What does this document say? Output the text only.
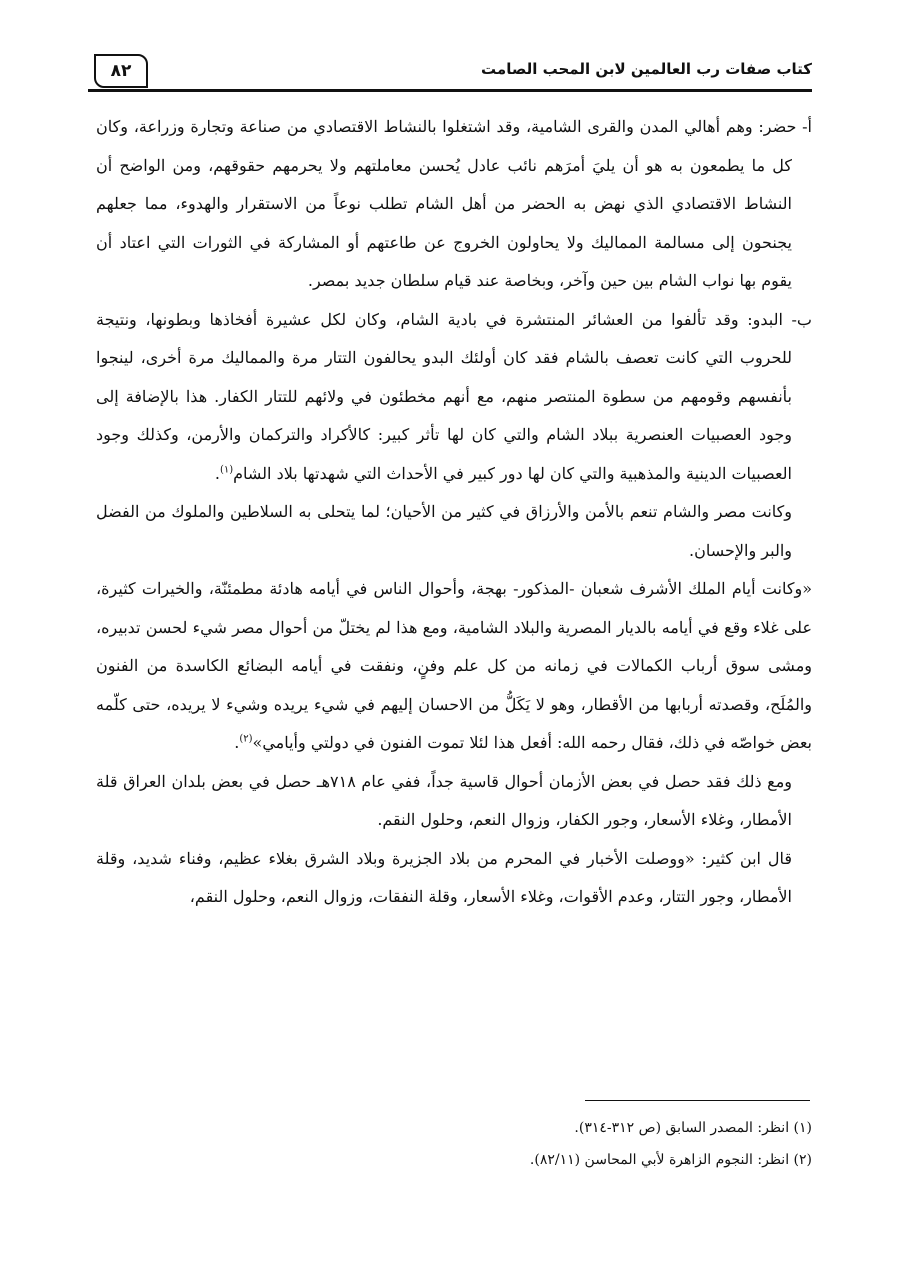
٨٢	كتاب صفات رب العالمين لابن المحب الصامت

أ- حضر: وهم أهالي المدن والقرى الشامية، وقد اشتغلوا بالنشاط الاقتصادي من صناعة وتجارة وزراعة، وكان كل ما يطمعون به هو أن يليَ أمرَهم نائب عادل يُحسن معاملتهم ولا يحرمهم حقوقهم، ومن الواضح أن النشاط الاقتصادي الذي نهض به الحضر من أهل الشام تطلب نوعاً من الاستقرار والهدوء، مما جعلهم يجنحون إلى مسالمة المماليك ولا يحاولون الخروج عن طاعتهم أو المشاركة في الثورات التي اعتاد أن يقوم بها نواب الشام بين حين وآخر، وبخاصة عند قيام سلطان جديد بمصر.

ب- البدو: وقد تألفوا من العشائر المنتشرة في بادية الشام، وكان لكل عشيرة أفخاذها وبطونها، ونتيجة للحروب التي كانت تعصف بالشام فقد كان أولئك البدو يحالفون التتار مرة والمماليك مرة أخرى، لينجوا بأنفسهم وقومهم من سطوة المنتصر منهم، مع أنهم مخطئون في ولائهم للتتار الكفار. هذا بالإضافة إلى وجود العصبيات العنصرية ببلاد الشام والتي كان لها تأثر كبير: كالأكراد والتركمان والأرمن، وكذلك وجود العصبيات الدينية والمذهبية والتي كان لها دور كبير في الأحداث التي شهدتها بلاد الشام$^{(١)}$.

وكانت مصر والشام تنعم بالأمن والأرزاق في كثير من الأحيان؛ لما يتحلى به السلاطين والملوك من الفضل والبر والإحسان.

«وكانت أيام الملك الأشرف شعبان -المذكور- بهجة، وأحوال الناس في أيامه هادئة مطمئنّة، والخيرات كثيرة، على غلاء وقع في أيامه بالديار المصرية والبلاد الشامية، ومع هذا لم يختلّ من أحوال مصر شيء لحسن تدبيره، ومشى سوق أرباب الكمالات في زمانه من كل علم وفنٍ، ونفقت في أيامه البضائع الكاسدة من الفنون والمُلَح، وقصدته أربابها من الأقطار، وهو لا يَكَلُّ من الاحسان إليهم في شيء يريده وشيء لا يريده، حتى كلّمه بعض خواصّه في ذلك، فقال رحمه الله: أفعل هذا لئلا تموت الفنون في دولتي وأيامي»$^{(٢)}$.

ومع ذلك فقد حصل في بعض الأزمان أحوال قاسية جداً، ففي عام ٧١٨هـ حصل في بعض بلدان العراق قلة الأمطار، وغلاء الأسعار، وجور الكفار، وزوال النعم، وحلول النقم.

قال ابن كثير: «ووصلت الأخبار في المحرم من بلاد الجزيرة وبلاد الشرق بغلاء عظيم، وفناء شديد، وقلة الأمطار، وجور التتار، وعدم الأقوات، وغلاء الأسعار، وقلة النفقات، وزوال النعم، وحلول النقم،

(١) انظر: المصدر السابق (ص ٣١٢-٣١٤).

(٢) انظر: النجوم الزاهرة لأبي المحاسن (٨٢/١١).
